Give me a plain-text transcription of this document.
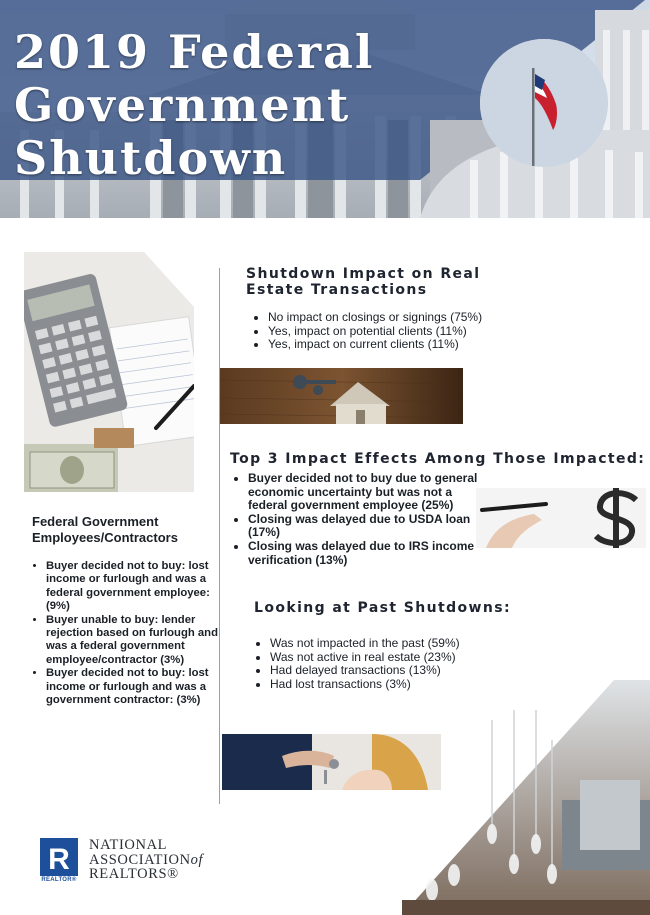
2019 Federal
Government
Shutdown
Federal Government
Employees/Contractors
• Buyer decided not to buy: lost income or furlough and was a federal government employee: (9%)
• Buyer unable to buy: lender rejection based on furlough and was a federal government employee/contractor (3%)
• Buyer decided not to buy: lost income or furlough and was a government contractor: (3%)
Shutdown Impact on Real
Estate Transactions
• No impact on closings or signings (75%)
• Yes, impact on potential clients (11%)
• Yes, impact on current clients (11%)
Top 3 Impact Effects Among Those Impacted:
• Buyer decided not to buy due to general economic uncertainty but was not a federal government employee (25%)
• Closing was delayed due to USDA loan (17%)
• Closing was delayed due to IRS income verification (13%)
Looking at Past Shutdowns:
• Was not impacted in the past (59%)
• Was not active in real estate (23%)
• Had delayed transactions (13%)
• Had lost transactions (3%)
R
REALTOR®

NATIONAL
ASSOCIATIONof
REALTORS®
